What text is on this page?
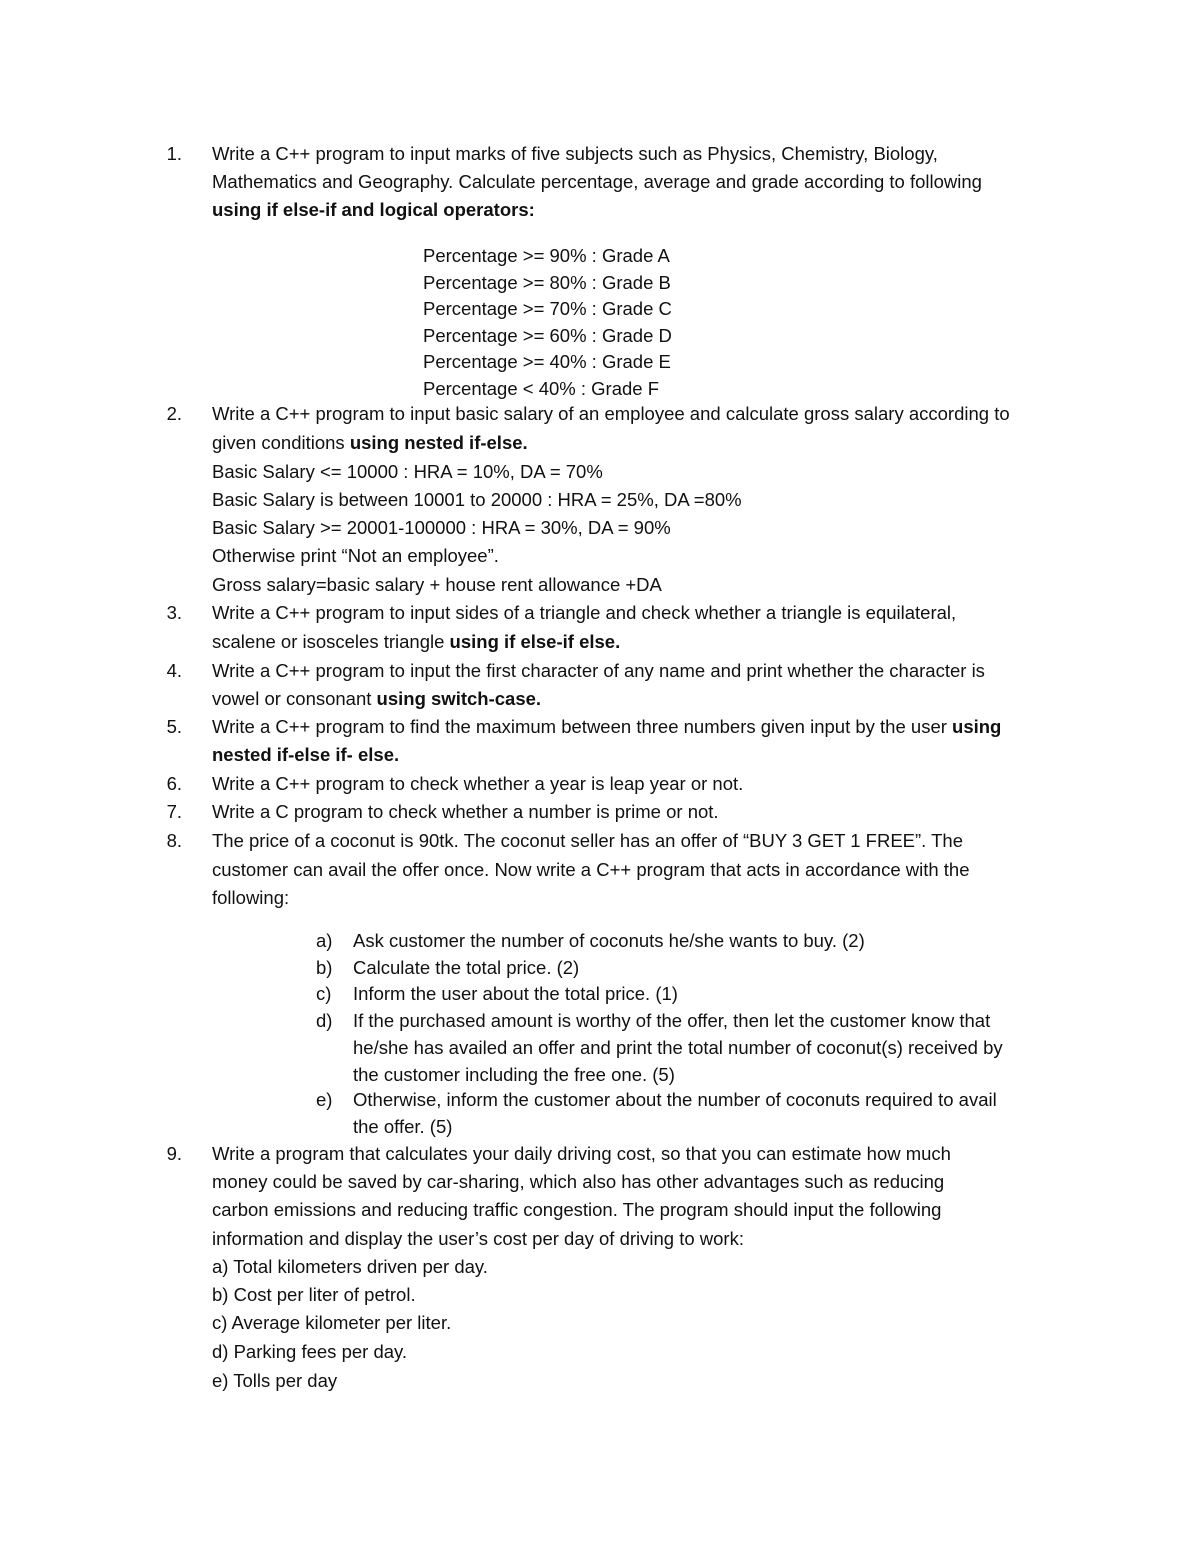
1. Write a C++ program to input marks of five subjects such as Physics, Chemistry, Biology,
Mathematics and Geography. Calculate percentage, average and grade according to following
using if else-if and logical operators:
Percentage >= 90% : Grade A
Percentage >= 80% : Grade B
Percentage >= 70% : Grade C
Percentage >= 60% : Grade D
Percentage >= 40% : Grade E
Percentage < 40% : Grade F
2. Write a C++ program to input basic salary of an employee and calculate gross salary according to
given conditions using nested if-else.
Basic Salary <= 10000 : HRA = 10%, DA = 70%
Basic Salary is between 10001 to 20000 : HRA = 25%, DA =80%
Basic Salary >= 20001-100000 : HRA = 30%, DA = 90%
Otherwise print “Not an employee”.
Gross salary=basic salary + house rent allowance +DA
3. Write a C++ program to input sides of a triangle and check whether a triangle is equilateral,
scalene or isosceles triangle using if else-if else.
4. Write a C++ program to input the first character of any name and print whether the character is
vowel or consonant using switch-case.
5. Write a C++ program to find the maximum between three numbers given input by the user using
nested if-else if- else.
6. Write a C++ program to check whether a year is leap year or not.
7. Write a C program to check whether a number is prime or not.
8. The price of a coconut is 90tk. The coconut seller has an offer of “BUY 3 GET 1 FREE”. The
customer can avail the offer once. Now write a C++ program that acts in accordance with the
following:
a) Ask customer the number of coconuts he/she wants to buy. (2)
b) Calculate the total price. (2)
c) Inform the user about the total price. (1)
d) If the purchased amount is worthy of the offer, then let the customer know that
he/she has availed an offer and print the total number of coconut(s) received by
the customer including the free one. (5)
e) Otherwise, inform the customer about the number of coconuts required to avail
the offer. (5)
9. Write a program that calculates your daily driving cost, so that you can estimate how much
money could be saved by car-sharing, which also has other advantages such as reducing
carbon emissions and reducing traffic congestion. The program should input the following
information and display the user’s cost per day of driving to work:
a) Total kilometers driven per day.
b) Cost per liter of petrol.
c) Average kilometer per liter.
d) Parking fees per day.
e) Tolls per day
